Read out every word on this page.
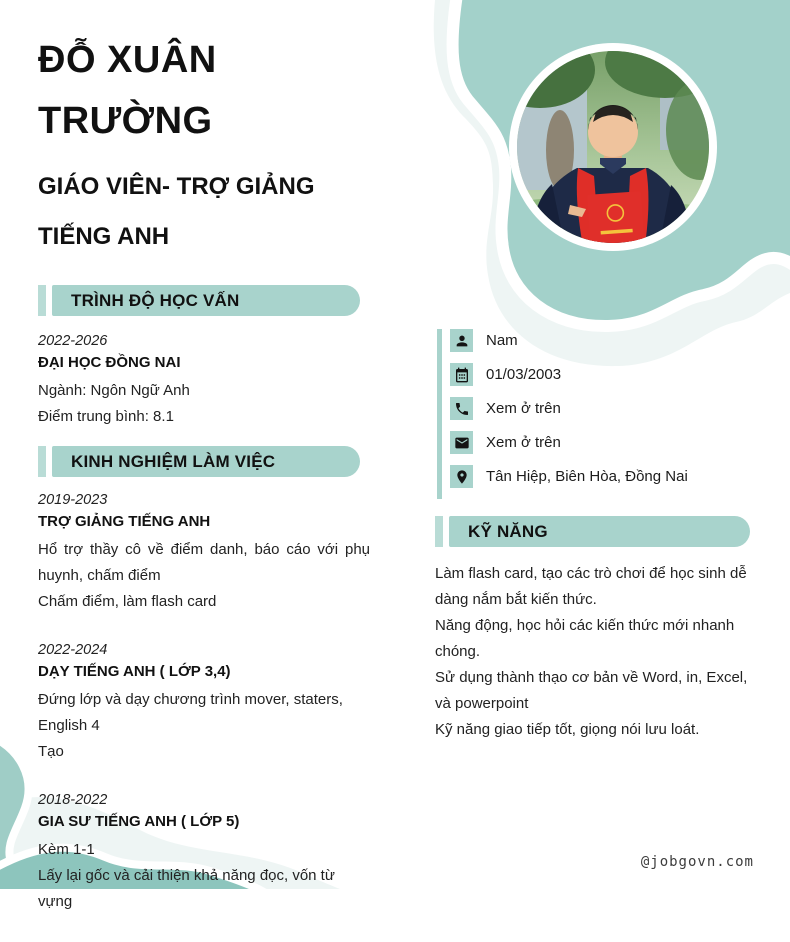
ĐỖ XUÂN TRƯỜNG
GIÁO VIÊN- TRỢ GIẢNG TIẾNG ANH
TRÌNH ĐỘ HỌC VẤN
2022-2026
ĐẠI HỌC ĐỒNG NAI
Ngành: Ngôn Ngữ Anh
Điểm trung bình: 8.1
KINH NGHIỆM LÀM VIỆC
2019-2023
TRỢ GIẢNG TIẾNG ANH
Hổ trợ thầy cô về điểm danh, báo cáo với phụ huynh, chấm điểm
Chấm điểm, làm flash card
2022-2024
DẠY TIẾNG ANH ( LỚP 3,4)
Đứng lớp và dạy chương trình mover, staters, English 4
Tạo
2018-2022
GIA SƯ TIẾNG ANH ( LỚP 5)
Kèm 1-1
Lấy lại gốc và cải thiện khả năng đọc, vốn từ vựng
Nam
01/03/2003
Xem ở trên
Xem ở trên
Tân Hiệp, Biên Hòa, Đồng Nai
KỸ NĂNG
Làm flash card, tạo các trò chơi để học sinh dễ dàng nắm bắt kiến thức.
Năng động, học hỏi các kiến thức mới nhanh chóng.
Sử dụng thành thạo cơ bản về Word, in, Excel, và powerpoint
Kỹ năng giao tiếp tốt, giọng nói lưu loát.
@jobgovn.com
